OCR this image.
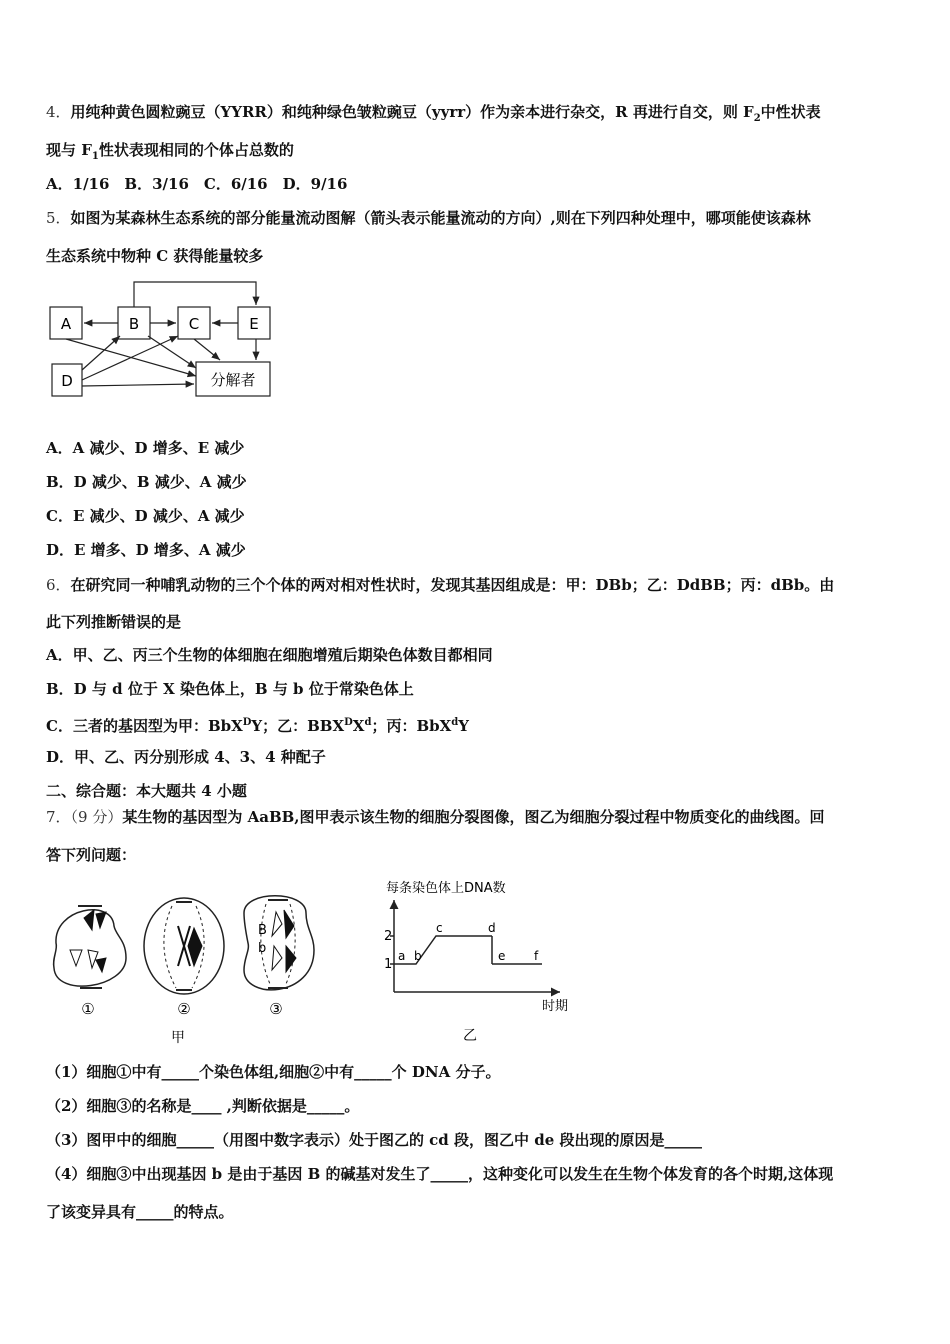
4．用纯种黄色圆粒豌豆（YYRR）和纯种绿色皱粒豌豆（yyrr）作为亲本进行杂交，R 再进行自交，则 $F_2$中性状表
现与 $F_1$性状表现相同的个体占总数的
A．1/16　B．3/16　C．6/16　D．9/16
5．如图为某森林生态系统的部分能量流动图解（箭头表示能量流动的方向）,则在下列四种处理中，哪项能使该森林
生态系统中物种 C 获得能量较多
A	B	C	E
D	分解者
A．A 减少、D 增多、E 减少
B．D 减少、B 减少、A 减少
C．E 减少、D 减少、A 减少
D．E 增多、D 增多、A 减少
6．在研究同一种哺乳动物的三个个体的两对相对性状时，发现其基因组成是：甲：DBb；乙：DdBB；丙：dBb。由
此下列推断错误的是
A．甲、乙、丙三个生物的体细胞在细胞增殖后期染色体数目都相同
B．D 与 d 位于 X 染色体上，B 与 b 位于常染色体上
C．三者的基因型为甲：BbX$^D$Y；乙：$BBX^DX^d$；丙：BbX$^d$Y
D．甲、乙、丙分别形成 4、3、4 种配子
二、综合题：本大题共 4 小题
7．（9 分）某生物的基因型为 AaBB,图甲表示该生物的细胞分裂图像，图乙为细胞分裂过程中物质变化的曲线图。回
答下列问题：
B
b
①	②	③
甲
每条染色体上DNA数
2
1
a b
c	d
e f
时期
乙
（1）细胞①中有_____个染色体组,细胞②中有_____个 DNA 分子。
（2）细胞③的名称是____ ,判断依据是_____。
（3）图甲中的细胞_____（用图中数字表示）处于图乙的 cd 段，图乙中 de 段出现的原因是_____
（4）细胞③中出现基因 b 是由于基因 B 的碱基对发生了_____，这种变化可以发生在生物个体发育的各个时期,这体现
了该变异具有_____的特点。
